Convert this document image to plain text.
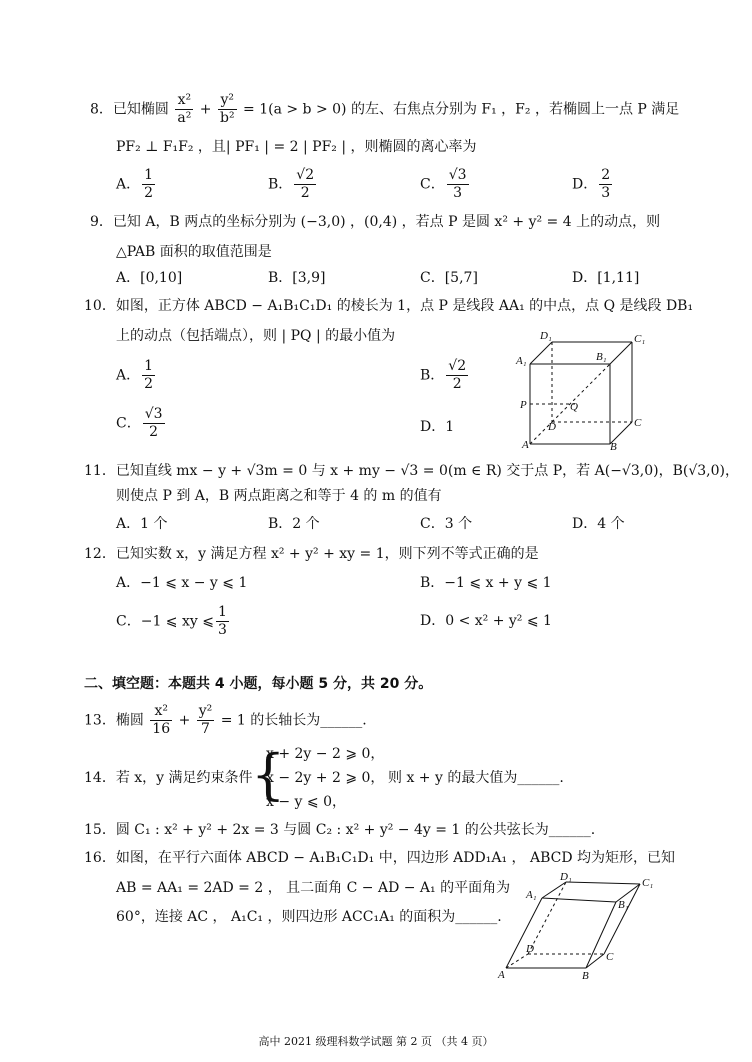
8．已知椭圆 $\frac{\text{x²}}{\text{a²}} + \frac{\text{y²}}{\text{b²}} = 1(a > b > 0)$ 的左、右焦点分别为 F₁ ，F₂ ，若椭圆上一点 P 满足
PF₂ ⊥ F₁F₂ ，且| PF₁ | = 2 | PF₂ | ，则椭圆的离心率为
A． $\frac{1}{2}$	B． $\frac{√2}{2}$	C． $\frac{√3}{3}$	D． $\frac{2}{3}$
9．已知 A，B 两点的坐标分别为 (−3,0) ，(0,4) ，若点 P 是圆 x² + y² = 4 上的动点，则
△PAB 面积的取值范围是
A．[0,10]	B．[3,9]	C．[5,7]	D．[1,11]
10．如图，正方体 ABCD − A₁B₁C₁D₁ 的棱长为 1，点 P 是线段 AA₁ 的中点，点 Q 是线段 DB₁
上的动点（包括端点），则 | PQ | 的最小值为
A． $\frac{1}{2}$	B． $\frac{√2}{2}$
C． $\frac{√3}{2}$	D．1
D₁	C₁
B₁
A₁
P	Q
D	C
A	B
11．已知直线 mx − y + √3m = 0 与 x + my − √3 = 0(m ∈ R) 交于点 P，若 A(−√3,0)，B(√3,0)，
则使点 P 到 A，B 两点距离之和等于 4 的 m 的值有
A．1 个	B．2 个	C．3 个	D．4 个
12．已知实数 x，y 满足方程 x² + y² + xy = 1，则下列不等式正确的是
A．−1 ⩽ x − y ⩽ 1	B．−1 ⩽ x + y ⩽ 1
C．−1 ⩽ xy ⩽ $\frac{1}{3}$	D．0 < x² + y² ⩽ 1
二、填空题：本题共 4 小题，每小题 5 分，共 20 分。
13．椭圆 $\frac{\text{x²}}{16} + \frac{\text{y²}}{7} = 1$ 的长轴长为______.
14．若 x，y 满足约束条件
{
x + 2y − 2 ⩾ 0，
x − 2y + 2 ⩾ 0，
x − y ⩽ 0，
则 x + y 的最大值为______.
15．圆 C₁ : x² + y² + 2x = 3 与圆 C₂ : x² + y² − 4y = 1 的公共弦长为______.
16．如图，在平行六面体 ABCD − A₁B₁C₁D₁ 中，四边形 ADD₁A₁ ， ABCD 均为矩形，已知
AB = AA₁ = 2AD = 2 ， 且二面角 C − AD − A₁ 的平面角为
60°，连接 AC ， A₁C₁ ，则四边形 ACC₁A₁ 的面积为______.
D₁	C₁
A₁
B₁
D
C
A	B
高中 2021 级理科数学试题 第 2 页 （共 4 页）
